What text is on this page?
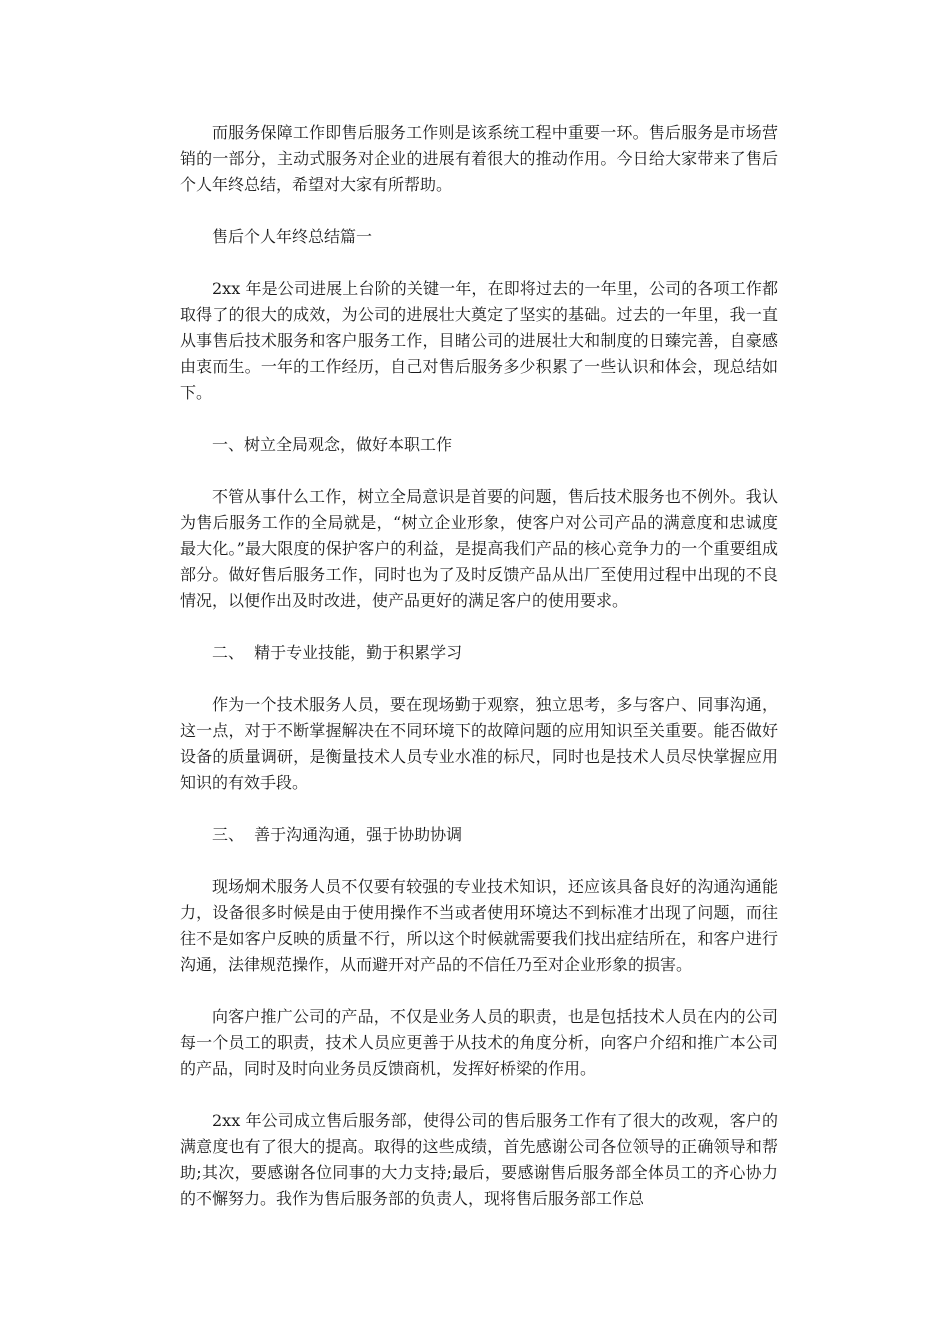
而服务保障工作即售后服务工作则是该系统工程中重要一环。售后服务是市场营销的一部分，主动式服务对企业的进展有着很大的推动作用。今日给大家带来了售后个人年终总结，希望对大家有所帮助。

售后个人年终总结篇一

2xx 年是公司进展上台阶的关键一年，在即将过去的一年里，公司的各项工作都取得了的很大的成效，为公司的进展壮大奠定了坚实的基础。过去的一年里，我一直从事售后技术服务和客户服务工作，目睹公司的进展壮大和制度的日臻完善，自豪感由衷而生。一年的工作经历，自己对售后服务多少积累了一些认识和体会，现总结如下。

一、树立全局观念，做好本职工作

不管从事什么工作，树立全局意识是首要的问题，售后技术服务也不例外。我认为售后服务工作的全局就是，“树立企业形象，使客户对公司产品的满意度和忠诚度最大化。”最大限度的保护客户的利益，是提高我们产品的核心竞争力的一个重要组成部分。做好售后服务工作，同时也为了及时反馈产品从出厂至使用过程中出现的不良情况，以便作出及时改进，使产品更好的满足客户的使用要求。

二、  精于专业技能，勤于积累学习

作为一个技术服务人员，要在现场勤于观察，独立思考，多与客户、同事沟通， 这一点，对于不断掌握解决在不同环境下的故障问题的应用知识至关重要。能否做好设备的质量调研，是衡量技术人员专业水准的标尺，同时也是技术人员尽快掌握应用知识的有效手段。

三、  善于沟通沟通，强于协助协调

现场炯术服务人员不仅要有较强的专业技术知识，还应该具备良好的沟通沟通能力，设备很多时候是由于使用操作不当或者使用环境达不到标准才出现了问题，而往往不是如客户反映的质量不行，所以这个时候就需要我们找出症结所在，和客户进行沟通，法律规范操作，从而避开对产品的不信任乃至对企业形象的损害。

向客户推广公司的产品，不仅是业务人员的职责，也是包括技术人员在内的公司每一个员工的职责，技术人员应更善于从技术的角度分析，向客户介绍和推广本公司的产品，同时及时向业务员反馈商机，发挥好桥梁的作用。

2xx 年公司成立售后服务部，使得公司的售后服务工作有了很大的改观，客户的满意度也有了很大的提高。取得的这些成绩，首先感谢公司各位领导的正确领导和帮助;其次，要感谢各位同事的大力支持;最后，要感谢售后服务部全体员工的齐心协力的不懈努力。我作为售后服务部的负责人，现将售后服务部工作总
